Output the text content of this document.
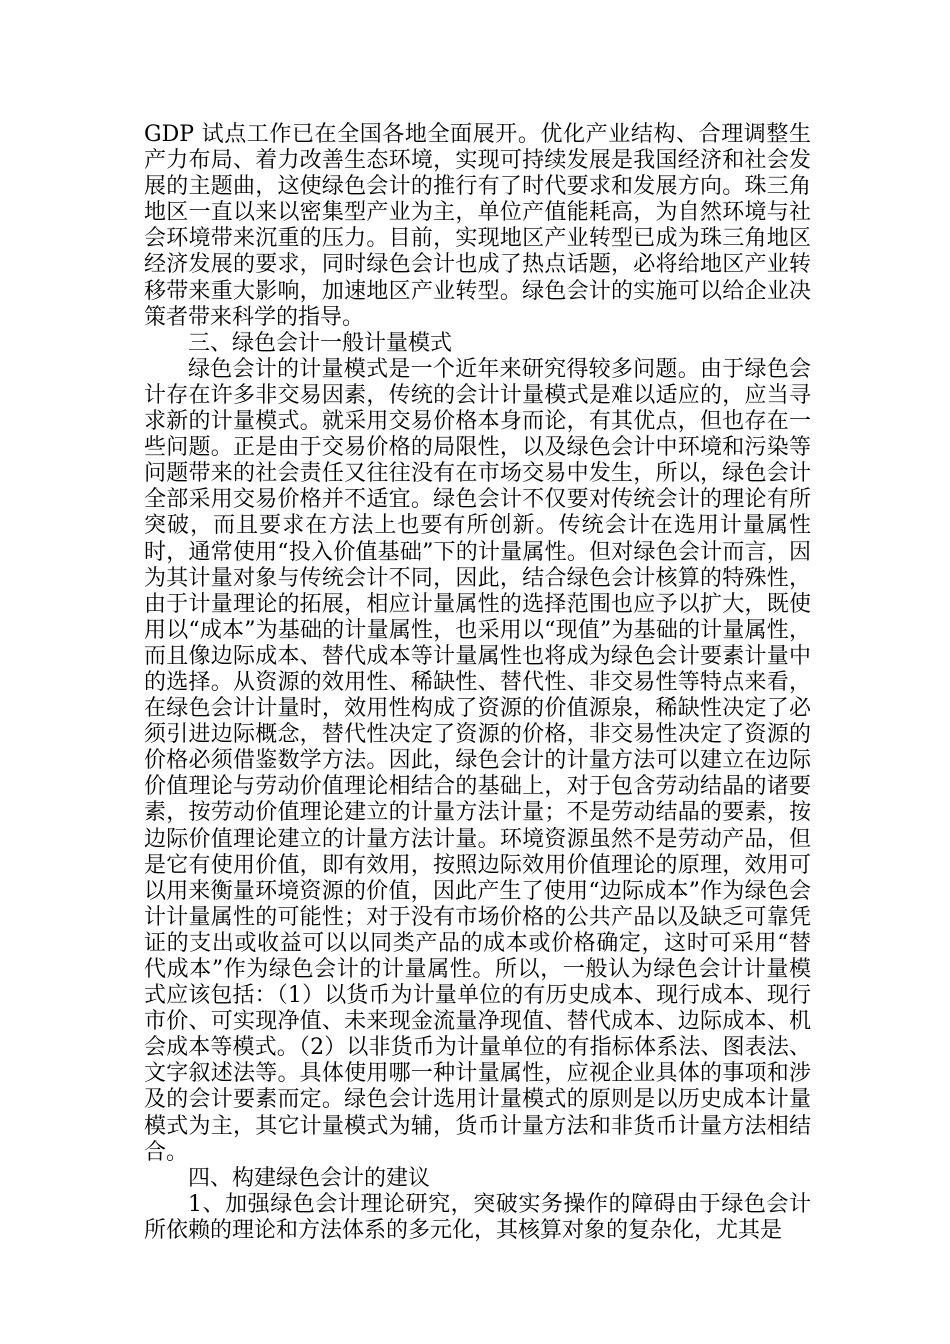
GDP 试点工作已在全国各地全面展开。优化产业结构、合理调整生产力布局、着力改善生态环境，实现可持续发展是我国经济和社会发展的主题曲，这使绿色会计的推行有了时代要求和发展方向。珠三角地区一直以来以密集型产业为主，单位产值能耗高，为自然环境与社会环境带来沉重的压力。目前，实现地区产业转型已成为珠三角地区经济发展的要求，同时绿色会计也成了热点话题，必将给地区产业转移带来重大影响，加速地区产业转型。绿色会计的实施可以给企业决策者带来科学的指导。

三、绿色会计一般计量模式

绿色会计的计量模式是一个近年来研究得较多问题。由于绿色会计存在许多非交易因素，传统的会计计量模式是难以适应的，应当寻求新的计量模式。就采用交易价格本身而论，有其优点，但也存在一些问题。正是由于交易价格的局限性，以及绿色会计中环境和污染等问题带来的社会责任又往往没有在市场交易中发生，所以，绿色会计全部采用交易价格并不适宜。绿色会计不仅要对传统会计的理论有所突破，而且要求在方法上也要有所创新。传统会计在选用计量属性时，通常使用“投入价值基础”下的计量属性。但对绿色会计而言，因为其计量对象与传统会计不同，因此，结合绿色会计核算的特殊性，由于计量理论的拓展，相应计量属性的选择范围也应予以扩大，既使用以“成本”为基础的计量属性，也采用以“现值”为基础的计量属性，而且像边际成本、替代成本等计量属性也将成为绿色会计要素计量中的选择。从资源的效用性、稀缺性、替代性、非交易性等特点来看，在绿色会计计量时，效用性构成了资源的价值源泉，稀缺性决定了必须引进边际概念，替代性决定了资源的价格，非交易性决定了资源的价格必须借鉴数学方法。因此，绿色会计的计量方法可以建立在边际价值理论与劳动价值理论相结合的基础上，对于包含劳动结晶的诸要素，按劳动价值理论建立的计量方法计量；不是劳动结晶的要素，按边际价值理论建立的计量方法计量。环境资源虽然不是劳动产品，但是它有使用价值，即有效用，按照边际效用价值理论的原理，效用可以用来衡量环境资源的价值，因此产生了使用“边际成本”作为绿色会计计量属性的可能性；对于没有市场价格的公共产品以及缺乏可靠凭证的支出或收益可以以同类产品的成本或价格确定，这时可采用“替代成本”作为绿色会计的计量属性。所以，一般认为绿色会计计量模式应该包括：（1）以货币为计量单位的有历史成本、现行成本、现行市价、可实现净值、未来现金流量净现值、替代成本、边际成本、机会成本等模式。（2）以非货币为计量单位的有指标体系法、图表法、文字叙述法等。具体使用哪一种计量属性，应视企业具体的事项和涉及的会计要素而定。绿色会计选用计量模式的原则是以历史成本计量模式为主，其它计量模式为辅，货币计量方法和非货币计量方法相结合。

四、构建绿色会计的建议

1、加强绿色会计理论研究，突破实务操作的障碍由于绿色会计所依赖的理论和方法体系的多元化，其核算对象的复杂化，尤其是
